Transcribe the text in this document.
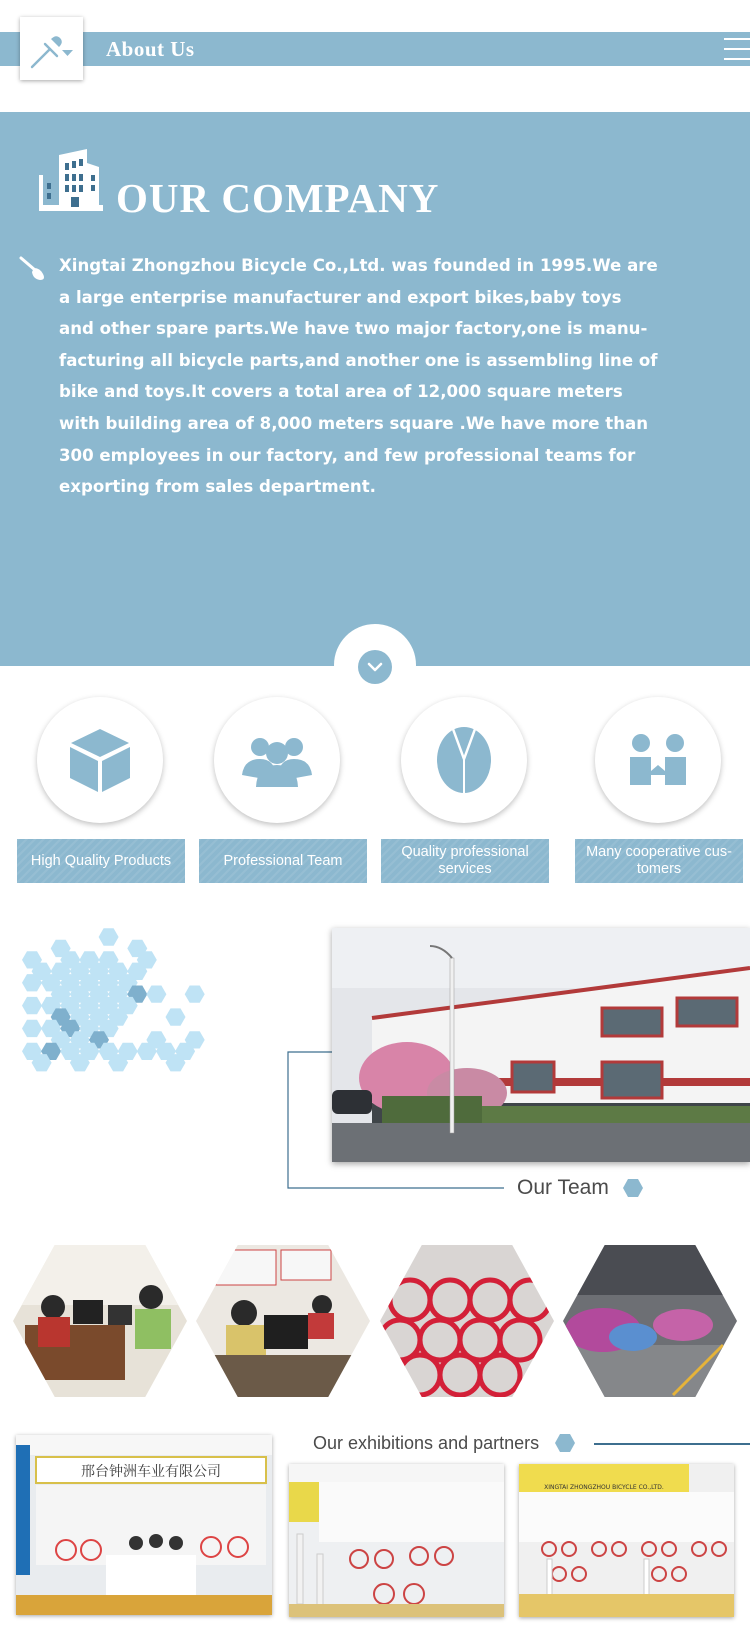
About Us
OUR COMPANY
Xingtai Zhongzhou Bicycle Co.,Ltd. was founded in 1995.We are
a large enterprise manufacturer and export bikes,baby toys
and other spare parts.We have two major factory,one is manu-
facturing all bicycle parts,and another one is assembling line of
bike and toys.It covers a total area of 12,000 square meters
with building area of 8,000 meters square .We have more than
300 employees in our factory, and few professional teams for
exporting from sales department.
High Quality Products	Professional Team
Quality professional services
Many cooperative cus-tomers
Our Team
邢台钟洲车业有限公司
Our exhibitions and partners
XINGTAI ZHONGZHOU BICYCLE CO.,LTD.
